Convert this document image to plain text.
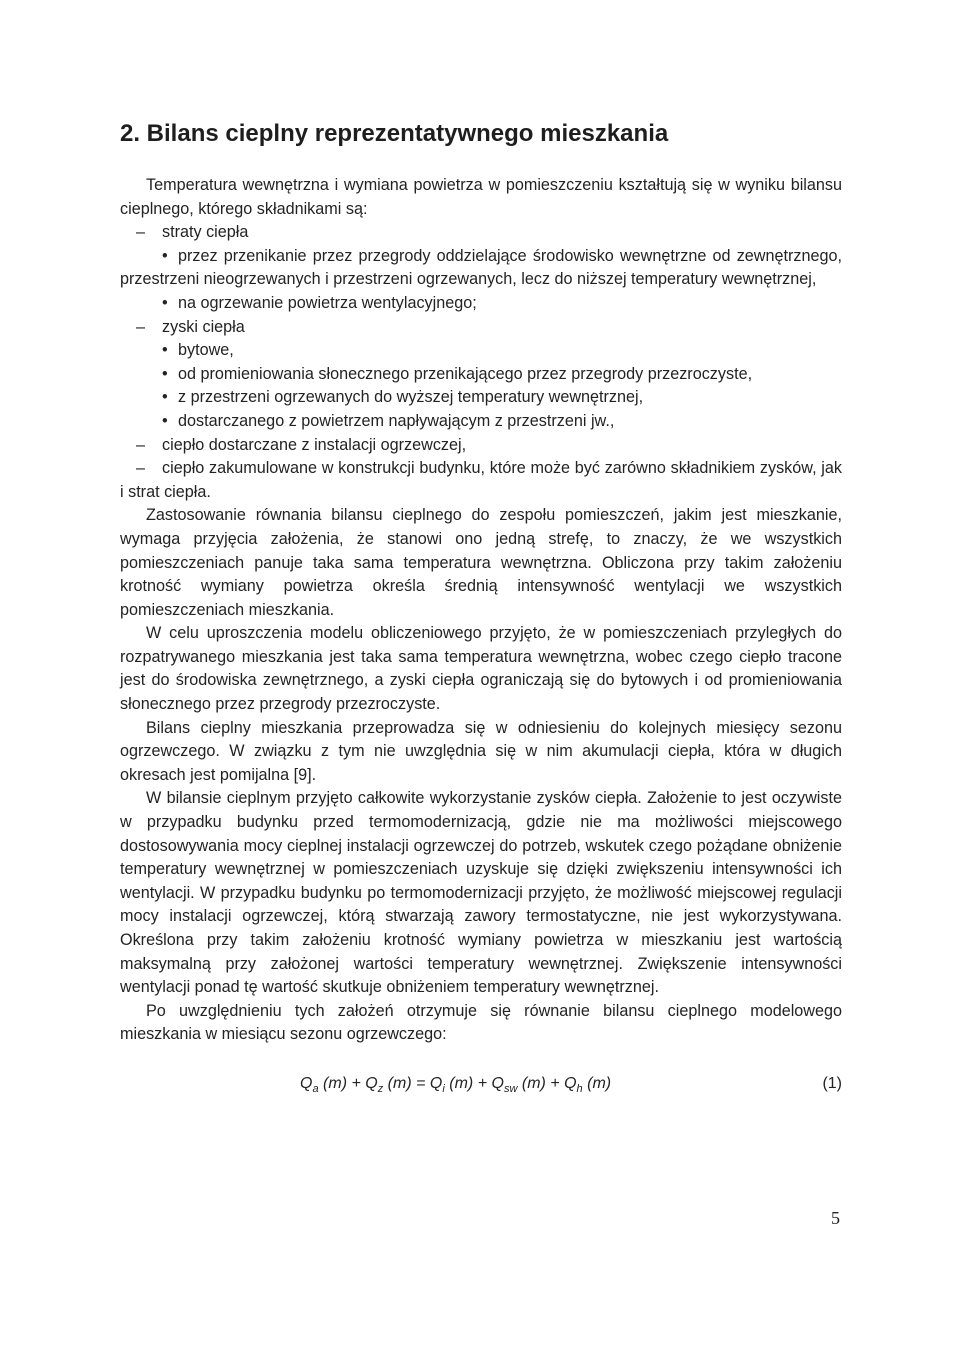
2. Bilans cieplny reprezentatywnego mieszkania

Temperatura wewnętrzna i wymiana powietrza w pomieszczeniu kształtują się w wyniku bilansu cieplnego, którego składnikami są:

– straty ciepła

• przez przenikanie przez przegrody oddzielające środowisko wewnętrzne od zewnętrznego, przestrzeni nieogrzewanych i przestrzeni ogrzewanych, lecz do niższej temperatury wewnętrznej,

• na ogrzewanie powietrza wentylacyjnego;

– zyski ciepła

• bytowe,

• od promieniowania słonecznego przenikającego przez przegrody przezroczyste,

• z przestrzeni ogrzewanych do wyższej temperatury wewnętrznej,

• dostarczanego z powietrzem napływającym z przestrzeni jw.,

– ciepło dostarczane z instalacji ogrzewczej,

– ciepło zakumulowane w konstrukcji budynku, które może być zarówno składnikiem zysków, jak i strat ciepła.

Zastosowanie równania bilansu cieplnego do zespołu pomieszczeń, jakim jest mieszkanie, wymaga przyjęcia założenia, że stanowi ono jedną strefę, to znaczy, że we wszystkich pomieszczeniach panuje taka sama temperatura wewnętrzna. Obliczona przy takim założeniu krotność wymiany powietrza określa średnią intensywność wentylacji we wszystkich pomieszczeniach mieszkania.

W celu uproszczenia modelu obliczeniowego przyjęto, że w pomieszczeniach przyległych do rozpatrywanego mieszkania jest taka sama temperatura wewnętrzna, wobec czego ciepło tracone jest do środowiska zewnętrznego, a zyski ciepła ograniczają się do bytowych i od promieniowania słonecznego przez przegrody przezroczyste.

Bilans cieplny mieszkania przeprowadza się w odniesieniu do kolejnych miesięcy sezonu ogrzewczego. W związku z tym nie uwzględnia się w nim akumulacji ciepła, która w długich okresach jest pomijalna [9].

W bilansie cieplnym przyjęto całkowite wykorzystanie zysków ciepła. Założenie to jest oczywiste w przypadku budynku przed termomodernizacją, gdzie nie ma możliwości miejscowego dostosowywania mocy cieplnej instalacji ogrzewczej do potrzeb, wskutek czego pożądane obniżenie temperatury wewnętrznej w pomieszczeniach uzyskuje się dzięki zwiększeniu intensywności ich wentylacji. W przypadku budynku po termomodernizacji przyjęto, że możliwość miejscowej regulacji mocy instalacji ogrzewczej, którą stwarzają zawory termostatyczne, nie jest wykorzystywana. Określona przy takim założeniu krotność wymiany powietrza w mieszkaniu jest wartością maksymalną przy założonej wartości temperatury wewnętrznej. Zwiększenie intensywności wentylacji ponad tę wartość skutkuje obniżeniem temperatury wewnętrznej.

Po uwzględnieniu tych założeń otrzymuje się równanie bilansu cieplnego modelowego mieszkania w miesiącu sezonu ogrzewczego:

$Q_a$ $(m) + Q_z$ $(m) = Q_i$ $(m) + Q_{sw}$ $(m) + Q_h$ (m)	(1)
5
